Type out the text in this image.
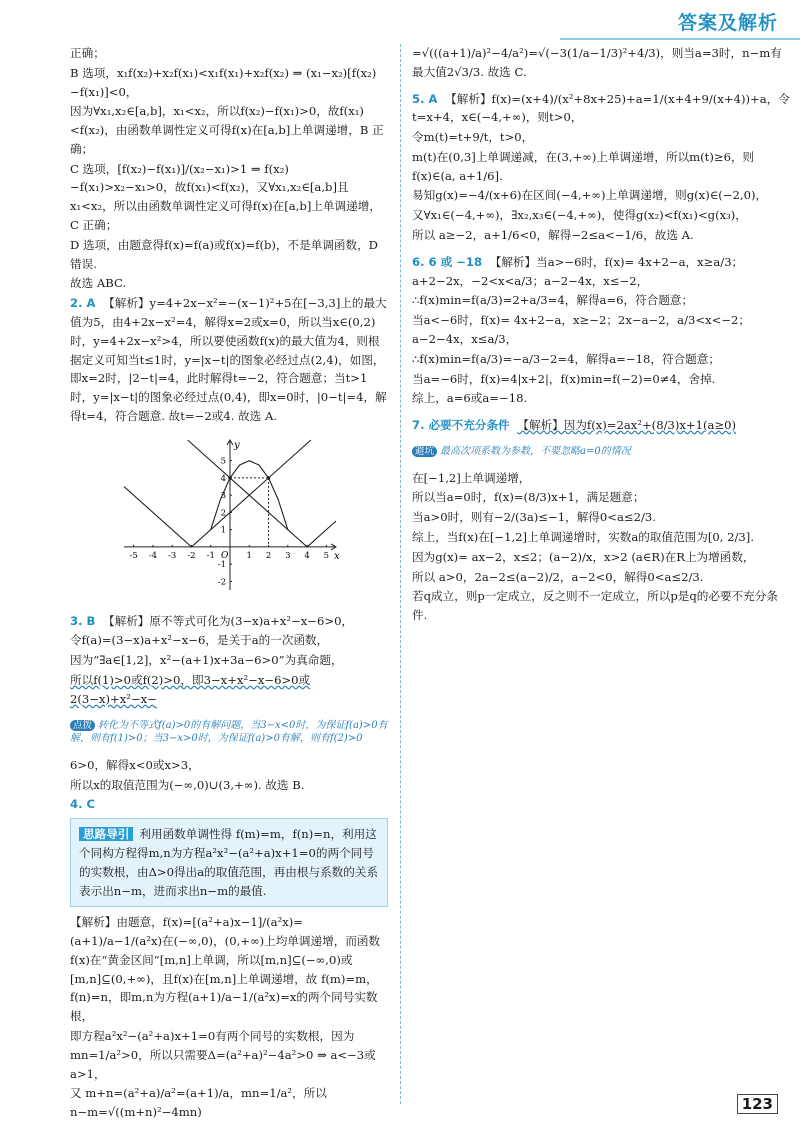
答案及解析

正确；

B 选项，x₁f(x₂)+x₂f(x₁)<x₁f(x₁)+x₂f(x₂) ⇒ (x₁−x₂)[f(x₂)−f(x₁)]<0，

因为∀x₁,x₂∈[a,b]，x₁<x₂，所以f(x₂)−f(x₁)>0，故f(x₁)<f(x₂)，由函数单调性定义可得f(x)在[a,b]上单调递增，B 正确；

C 选项，[f(x₂)−f(x₁)]/(x₂−x₁)>1 ⇒ f(x₂)−f(x₁)>x₂−x₁>0，故f(x₁)<f(x₂)，又∀x₁,x₂∈[a,b]且x₁<x₂，所以由函数单调性定义可得f(x)在[a,b]上单调递增，C 正确；

D 选项，由题意得f(x)=f(a)或f(x)=f(b)，不是单调函数，D 错误.

故选 ABC.

2. A 【解析】y=4+2x−x²=−(x−1)²+5在[−3,3]上的最大值为5，由4+2x−x²=4，解得x=2或x=0，所以当x∈(0,2)时，y=4+2x−x²>4，所以要使函数f(x)的最大值为4，则根据定义可知当t≤1时，y=|x−t|的图象必经过点(2,4)，如图，即x=2时，|2−t|=4，此时解得t=−2，符合题意；当t>1时，y=|x−t|的图象必经过点(0,4)，即x=0时，|0−t|=4，解得t=4，符合题意. 故t=−2或4. 故选 A.

x
y
O
-5 -4 -3 -2 -1	1 2 3 4 5
5
4
3
2
1
-1
-2

3. B 【解析】原不等式可化为(3−x)a+x²−x−6>0，

令f(a)=(3−x)a+x²−x−6，是关于a的一次函数，

因为“∃a∈[1,2]，x²−(a+1)x+3a−6>0”为真命题，

所以f(1)>0或f(2)>0，即3−x+x²−x−6>0或2(3−x)+x²−x−

点拨 转化为不等式f(a)>0的有解问题，当3−x<0时，为保证f(a)>0有解，则有f(1)>0；当3−x>0时，为保证f(a)>0有解，则有f(2)>0

6>0，解得x<0或x>3，

所以x的取值范围为(−∞,0)∪(3,+∞). 故选 B.

4. C

思路导引 利用函数单调性得 f(m)=m，f(n)=n，利用这个同构方程得m,n为方程a²x²−(a²+a)x+1=0的两个同号的实数根，由Δ>0得出a的取值范围，再由根与系数的关系表示出n−m，进而求出n−m的最值.

【解析】由题意，f(x)=[(a²+a)x−1]/(a²x)=(a+1)/a−1/(a²x)在(−∞,0)，(0,+∞)上均单调递增，而函数f(x)在“黄金区间”[m,n]上单调，所以[m,n]⊆(−∞,0)或[m,n]⊆(0,+∞)，且f(x)在[m,n]上单调递增，故 f(m)=m，f(n)=n，即m,n为方程(a+1)/a−1/(a²x)=x的两个同号实数根，

即方程a²x²−(a²+a)x+1=0有两个同号的实数根，因为mn=1/a²>0，所以只需要Δ=(a²+a)²−4a²>0 ⇒ a<−3或a>1，

又 m+n=(a²+a)/a²=(a+1)/a，mn=1/a²，所以 n−m=√((m+n)²−4mn)

=√(((a+1)/a)²−4/a²)=√(−3(1/a−1/3)²+4/3)，则当a=3时，n−m有最大值2√3/3. 故选 C.

5. A 【解析】f(x)=(x+4)/(x²+8x+25)+a=1/(x+4+9/(x+4))+a，令t=x+4，x∈(−4,+∞)，则t>0，

令m(t)=t+9/t，t>0，

m(t)在(0,3]上单调递减，在(3,+∞)上单调递增，所以m(t)≥6，则f(x)∈(a, a+1/6].

易知g(x)=−4/(x+6)在区间(−4,+∞)上单调递增，则g(x)∈(−2,0)，

又∀x₁∈(−4,+∞)，∃x₂,x₃∈(−4,+∞)，使得g(x₂)<f(x₁)<g(x₃)，

所以 a≥−2，a+1/6<0，解得−2≤a<−1/6，故选 A.

6. 6 或 −18 【解析】当a>−6时，f(x)= 4x+2−a，x≥a/3；a+2−2x，−2<x<a/3；a−2−4x，x≤−2，

∴f(x)min=f(a/3)=2+a/3=4，解得a=6，符合题意；

当a<−6时，f(x)= 4x+2−a，x≥−2；2x−a−2，a/3<x<−2；a−2−4x，x≤a/3，

∴f(x)min=f(a/3)=−a/3−2=4，解得a=−18，符合题意；

当a=−6时，f(x)=4|x+2|，f(x)min=f(−2)=0≠4，舍掉.

综上，a=6或a=−18.

7. 必要不充分条件 【解析】因为f(x)=2ax²+(8/3)x+1(a≥0)

避坑 最高次项系数为参数，不要忽略a=0的情况

在[−1,2]上单调递增，

所以当a=0时，f(x)=(8/3)x+1，满足题意；

当a>0时，则有−2/(3a)≤−1，解得0<a≤2/3.

综上，当f(x)在[−1,2]上单调递增时，实数a的取值范围为[0, 2/3].

因为g(x)= ax−2，x≤2；(a−2)/x，x>2 (a∈R)在R上为增函数，

所以 a>0，2a−2≤(a−2)/2，a−2<0，解得0<a≤2/3.

若q成立，则p一定成立，反之则不一定成立，所以p是q的必要不充分条件.

123
